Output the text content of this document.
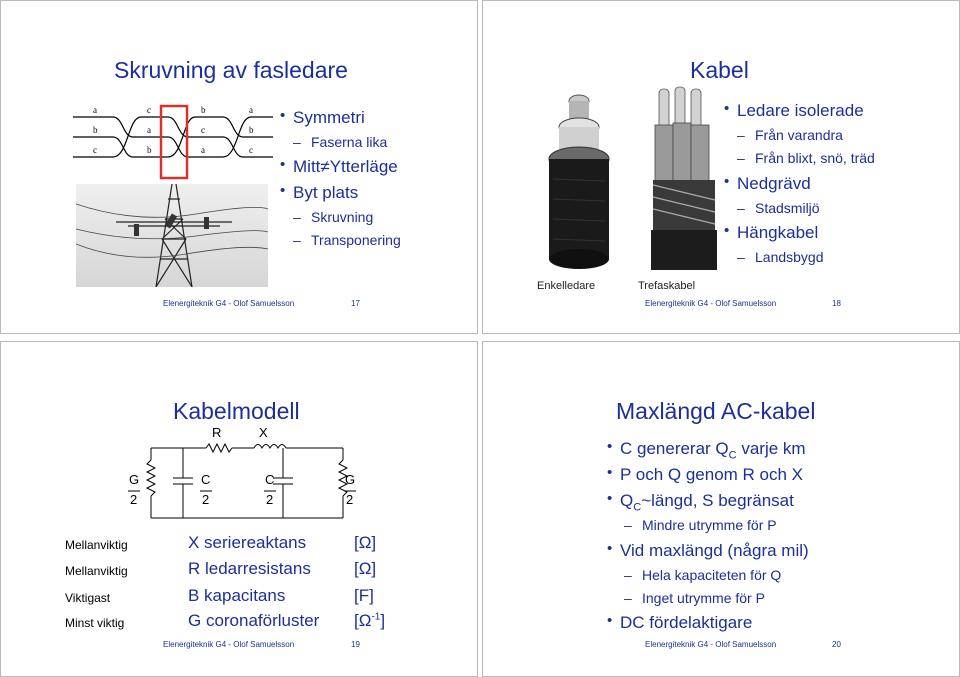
Skruvning av fasledare
a	c	b	a
b	a	c	b
c	b	a	c
• Symmetri
– Faserna lika
• Mitt≠Ytterläge
• Byt plats
– Skruvning
– Transponering
Elenergiteknik G4 - Olof Samuelsson	17
Kabel
Enkelledare	Trefaskabel
• Ledare isolerade
– Från varandra
– Från blixt, snö, träd
• Nedgrävd
– Stadsmiljö
• Hängkabel
– Landsbygd
Elenergiteknik G4 - Olof Samuelsson	18
Kabelmodell
R	X
G
2
C
2
C
2
G
2
Mellanviktig	X seriereaktans	[Ω]
Mellanviktig	R ledarresistans	[Ω]
Viktigast	B kapacitans	[F]
Minst viktig	G coronaförluster $[\Omega^{-1}]$
Elenergiteknik G4 - Olof Samuelsson	19
Maxlängd AC-kabel
• C genererar $Q_C$ varje km
• P och Q genom R och X
• $Q_C\sim längd$, S begränsat
– Mindre utrymme för P
• Vid maxlängd (några mil)
– Hela kapaciteten för Q
– Inget utrymme för P
• DC fördelaktigare
Elenergiteknik G4 - Olof Samuelsson	20
